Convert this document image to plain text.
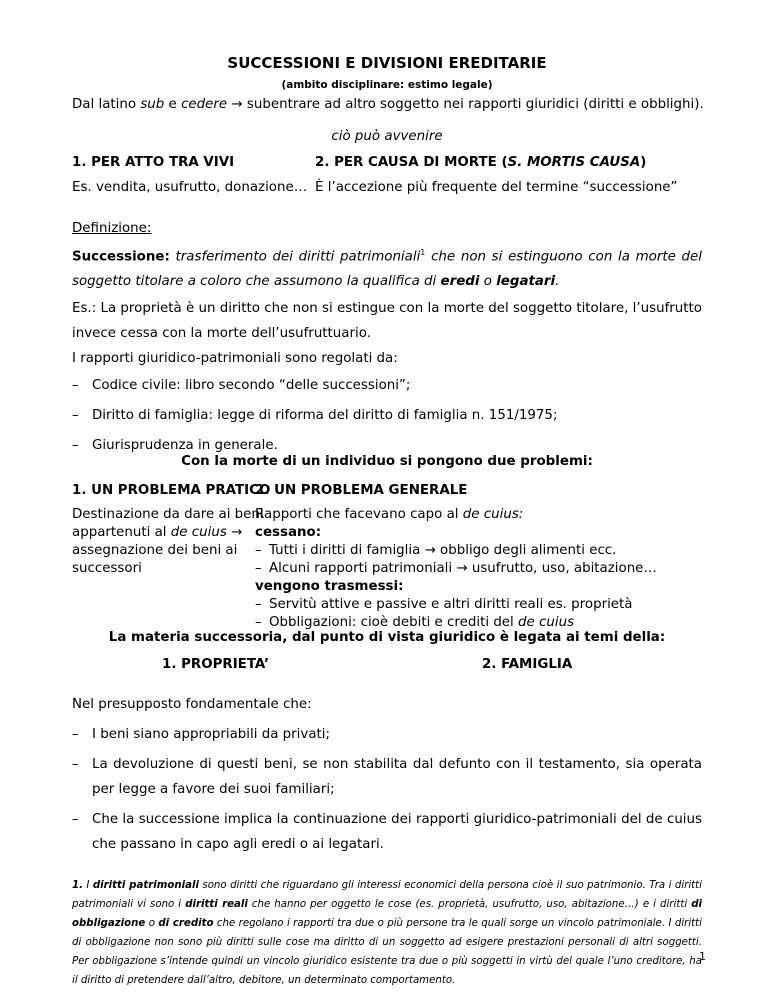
SUCCESSIONI E DIVISIONI EREDITARIE
(ambito disciplinare: estimo legale)
Dal latino sub e cedere → subentrare ad altro soggetto nei rapporti giuridici (diritti e obblighi).
ciò può avvenire
1. PER ATTO TRA VIVI	2. PER CAUSA DI MORTE (S. MORTIS CAUSA)
Es. vendita, usufrutto, donazione… È l’accezione più frequente del termine “successione”
Definizione:
Successione: trasferimento dei diritti patrimoniali$^1$ che non si estinguono con la morte del soggetto titolare a coloro che assumono la qualifica di eredi o legatari.
Es.: La proprietà è un diritto che non si estingue con la morte del soggetto titolare, l’usufrutto invece cessa con la morte dell’usufruttuario.
I rapporti giuridico-patrimoniali sono regolati da:
– Codice civile: libro secondo “delle successioni”;
– Diritto di famiglia: legge di riforma del diritto di famiglia n. 151/1975;
– Giurisprudenza in generale.
Con la morte di un individuo si pongono due problemi:
1. UN PROBLEMA PRATICO
Destinazione da dare ai beni
appartenuti al de cuius →
assegnazione dei beni ai
successori
2. UN PROBLEMA GENERALE
Rapporti che facevano capo al de cuius:
cessano:
– Tutti i diritti di famiglia → obbligo degli alimenti ecc.
– Alcuni rapporti patrimoniali → usufrutto, uso, abitazione…
vengono trasmessi:
– Servitù attive e passive e altri diritti reali es. proprietà
– Obbligazioni: cioè debiti e crediti del de cuius
La materia successoria, dal punto di vista giuridico è legata ai temi della:
1. PROPRIETA’	2. FAMIGLIA
Nel presupposto fondamentale che:
– I beni siano appropriabili da privati;
– La devoluzione di questi beni, se non stabilita dal defunto con il testamento, sia operata per legge a favore dei suoi familiari;
– Che la successione implica la continuazione dei rapporti giuridico-patrimoniali del de cuius che passano in capo agli eredi o ai legatari.
1. I diritti patrimoniali sono diritti che riguardano gli interessi economici della persona cioè il suo patrimonio. Tra i diritti patrimoniali vi sono i diritti reali che hanno per oggetto le cose (es. proprietà, usufrutto, uso, abitazione…) e i diritti di obbligazione o di credito che regolano i rapporti tra due o più persone tra le quali sorge un vincolo patrimoniale. I diritti di obbligazione non sono più diritti sulle cose ma diritto di un soggetto ad esigere prestazioni personali di altri soggetti. Per obbligazione s’intende quindi un vincolo giuridico esistente tra due o più soggetti in virtù del quale l’uno creditore, ha il diritto di pretendere dall’altro, debitore, un determinato comportamento.
1
